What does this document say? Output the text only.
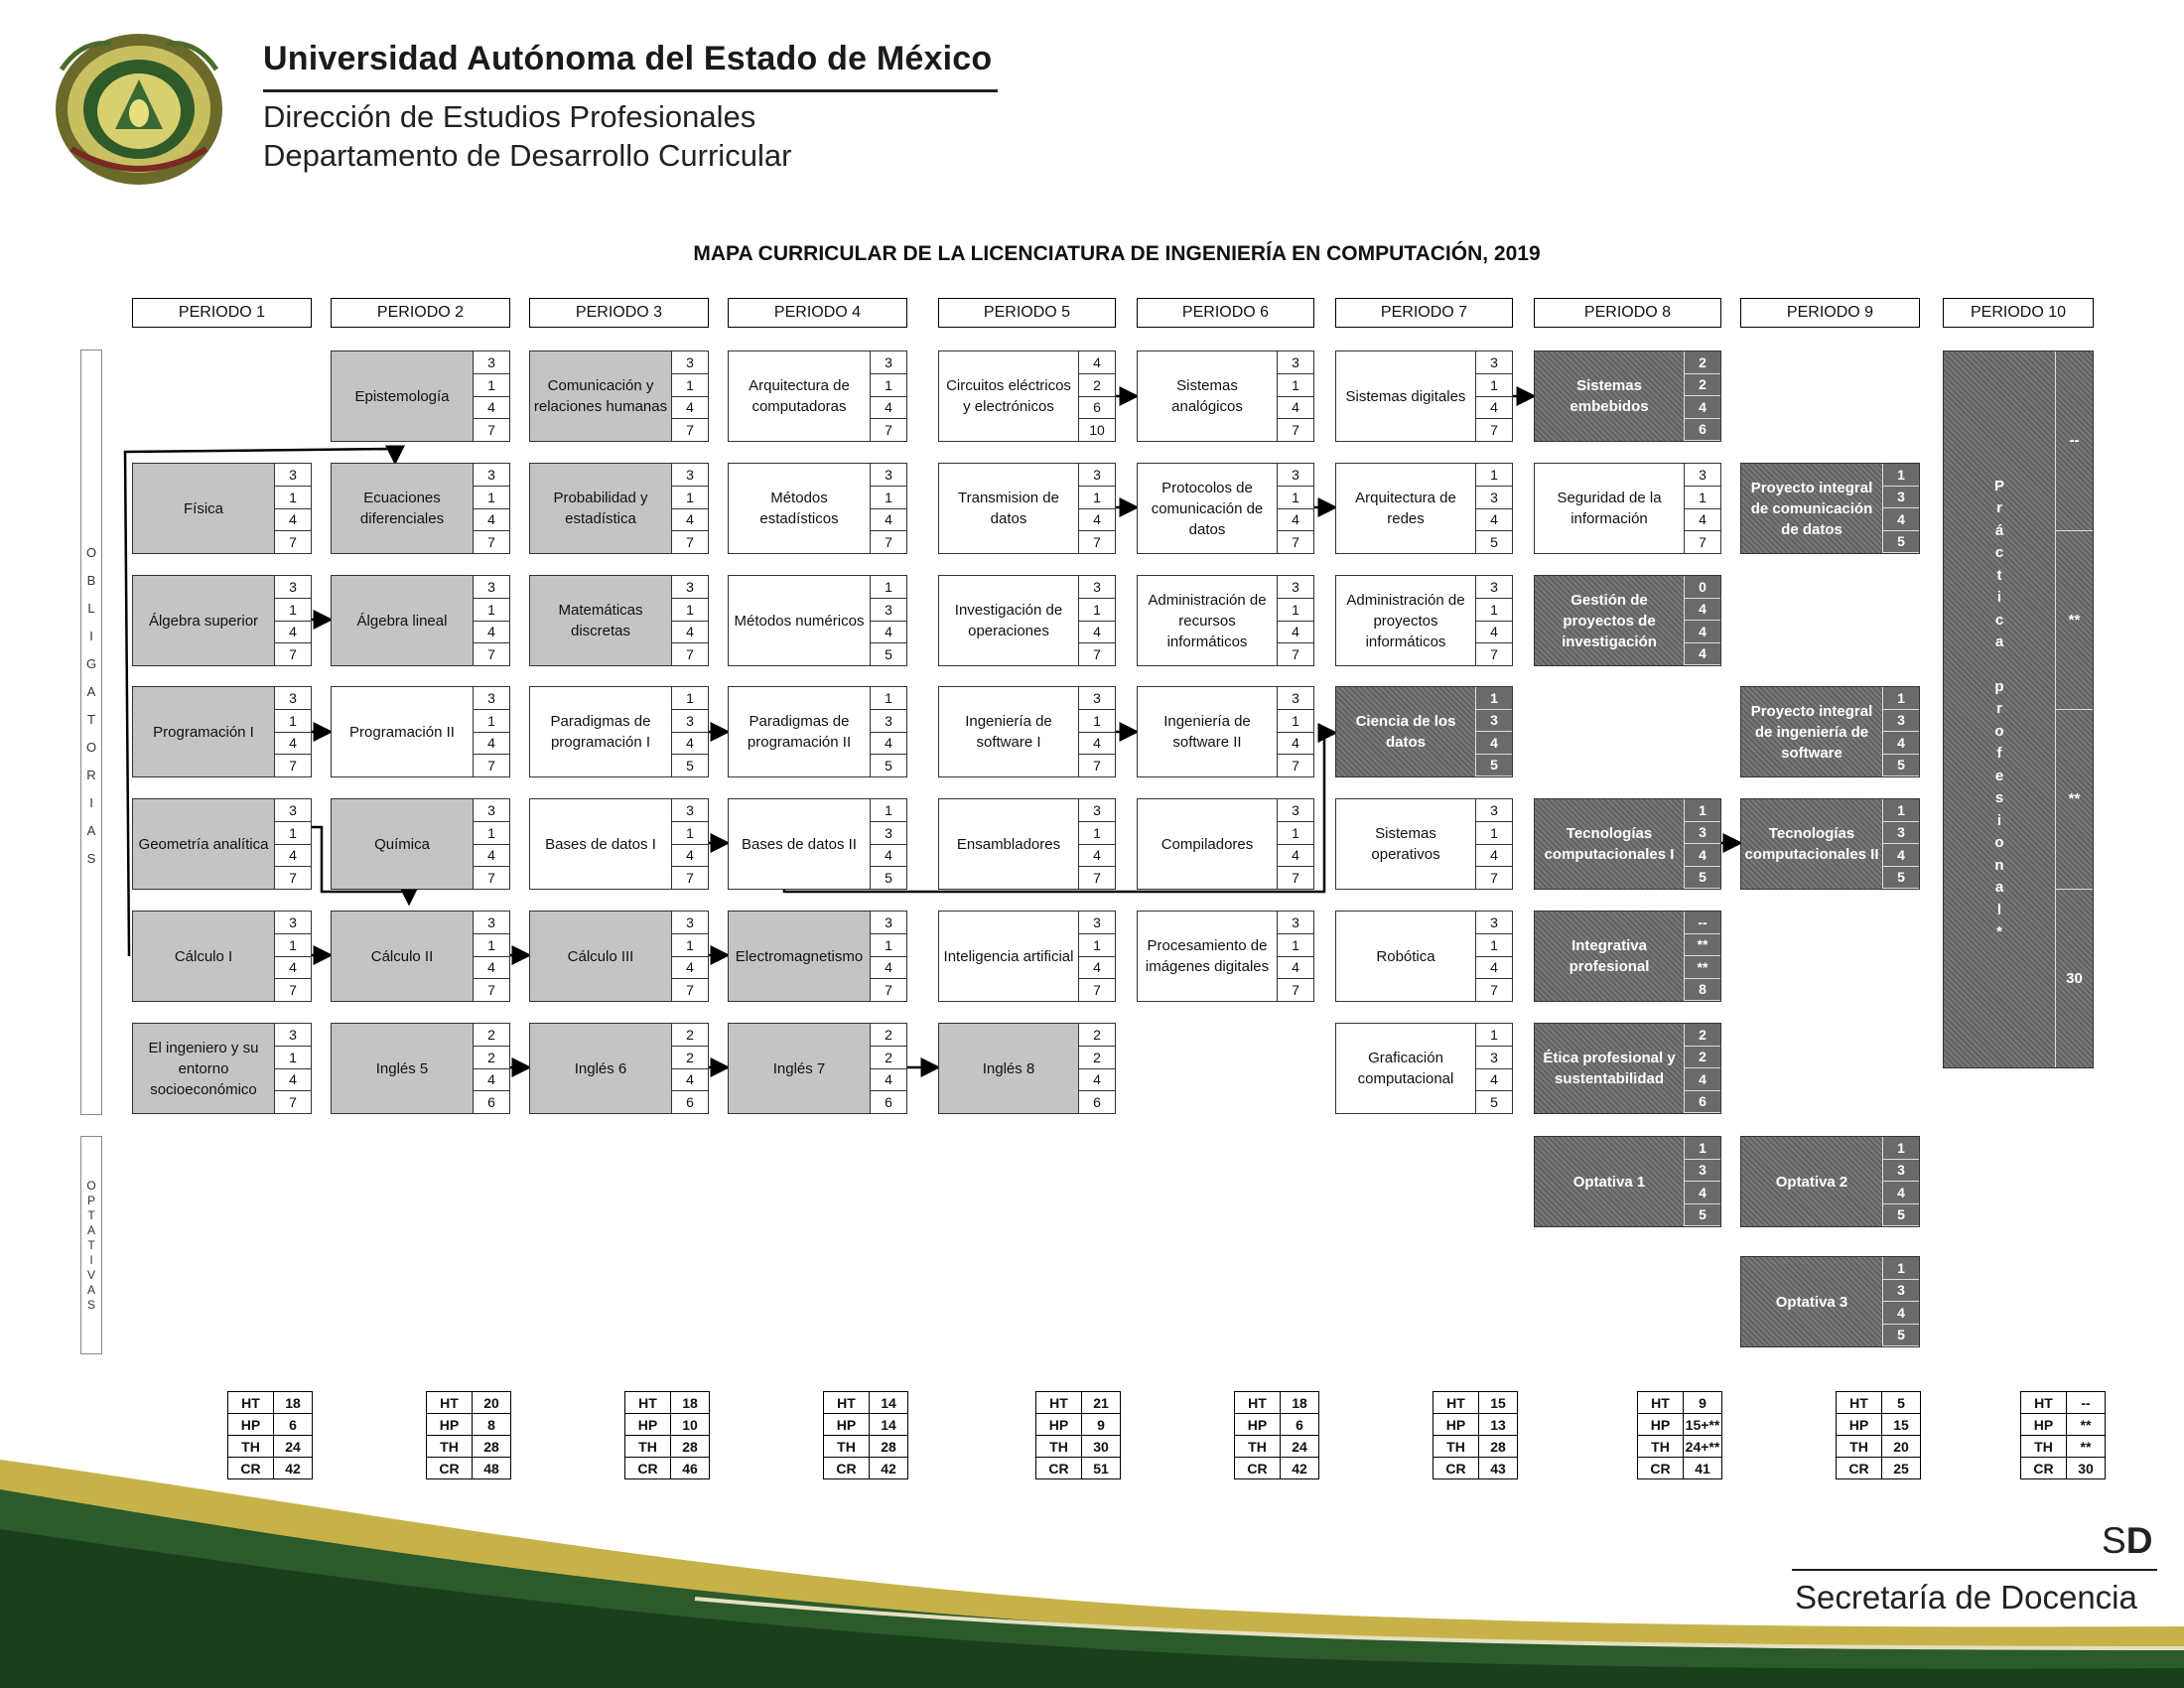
Universidad Autónoma del Estado de México
Dirección de Estudios Profesionales
Departamento de Desarrollo Curricular
MAPA CURRICULAR DE LA LICENCIATURA DE INGENIERÍA EN COMPUTACIÓN, 2019
PERIODO 1	PERIODO 2	PERIODO 3	PERIODO 4	PERIODO 5	PERIODO 6	PERIODO 7	PERIODO 8	PERIODO 9	PERIODO 10
O
B
L
I
G
A
T
O
R
I
A
S
O
P
T
A
T
I
V
A
S
Epistemología
3
1
4
7
Comunicación y relaciones humanas
3
1
4
7
Arquitectura de computadoras
3
1
4
7
Circuitos eléctricos y electrónicos
4
2
6
10
Sistemas analógicos
3
1
4
7
Sistemas digitales
3
1
4
7
Sistemas embebidos
2
2
4
6
Física
3
1
4
7
Ecuaciones diferenciales
3
1
4
7
Probabilidad y estadística
3
1
4
7
Métodos estadísticos
3
1
4
7
Transmision de datos
3
1
4
7
Protocolos de comunicación de datos
3
1
4
7
Arquitectura de redes
1
3
4
5
Seguridad de la información
3
1
4
7
Proyecto integral de comunicación de datos
1
3
4
5
Álgebra superior
3
1
4
7
Álgebra lineal
3
1
4
7
Matemáticas discretas
3
1
4
7
Métodos numéricos
1
3
4
5
Investigación de operaciones
3
1
4
7
Administración de recursos informáticos
3
1
4
7
Administración de proyectos informáticos
3
1
4
7
Gestión de proyectos de investigación
0
4
4
4
Programación I
3
1
4
7
Programación II
3
1
4
7
Paradigmas de programación I
1
3
4
5
Paradigmas de programación II
1
3
4
5
Ingeniería de software I
3
1
4
7
Ingeniería de software II
3
1
4
7
Ciencia de los datos
1
3
4
5
Proyecto integral de ingeniería de software
1
3
4
5
Geometría analítica
3
1
4
7
Química
3
1
4
7
Bases de datos I
3
1
4
7
Bases de datos II
1
3
4
5
Ensambladores
3
1
4
7
Compiladores
3
1
4
7
Sistemas operativos
3
1
4
7
Tecnologías computacionales I
1
3
4
5
Tecnologías computacionales II
1
3
4
5
Cálculo I
3
1
4
7
Cálculo II
3
1
4
7
Cálculo III
3
1
4
7
Electromagnetismo
3
1
4
7
Inteligencia artificial
3
1
4
7
Procesamiento de imágenes digitales
3
1
4
7
Robótica
3
1
4
7
Integrativa profesional
--
**
**
8
El ingeniero y su entorno socioeconómico
3
1
4
7
Inglés 5
2
2
4
6
Inglés 6
2
2
4
6
Inglés 7
2
2
4
6
Inglés 8
2
2
4
6
Graficación computacional
1
3
4
5
Ética profesional y sustentabilidad
2
2
4
6
Optativa 1
1
3
4
5
Optativa 2
1
3
4
5
Optativa 3
1
3
4
5
P
r
á
c
t
i
c
a
p
r
o
f
e
s
i
o
n
a
l
*
--
**
**
30
HT	18
HP	6
TH	24
CR	42
HT	20
HP	8
TH	28
CR	48
HT	18
HP	10
TH	28
CR	46
HT	14
HP	14
TH	28
CR	42
HT	21
HP	9
TH	30
CR	51
HT	18
HP	6
TH	24
CR	42
HT	15
HP	13
TH	28
CR	43
HT	9
HP	15+**
TH	24+**
CR	41
HT	5
HP	15
TH	20
CR	25
HT	--
HP	**
TH	**
CR	30
SD
Secretaría de Docencia
